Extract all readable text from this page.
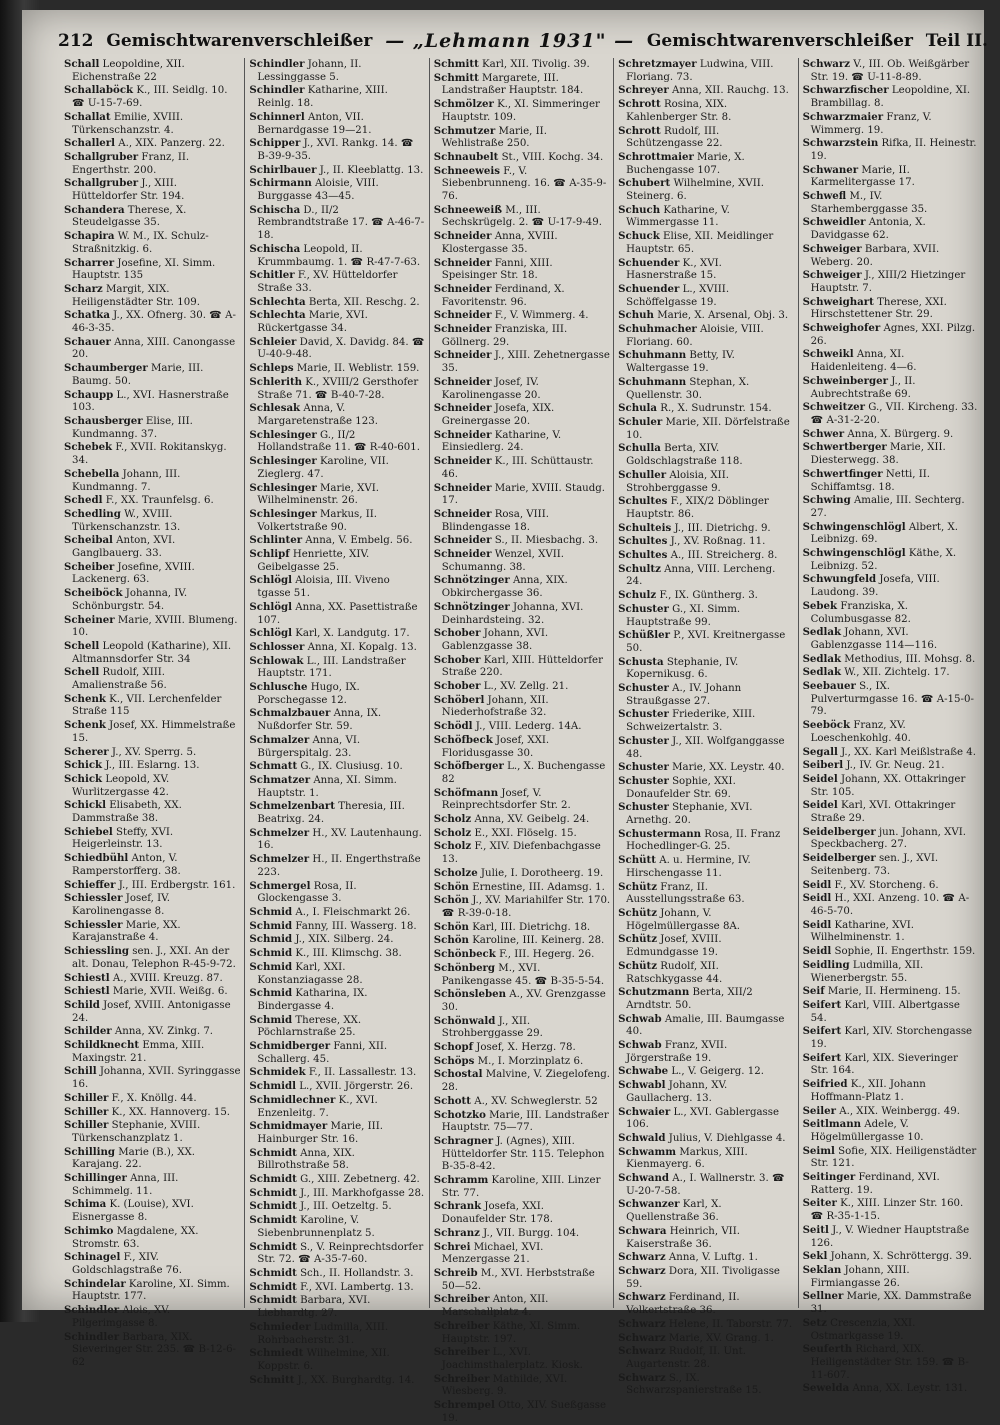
212 Gemischtwarenverschleißer — „Lehmann 1931" — Gemischtwarenverschleißer Teil II.
Schall Leopoldine, XII. Eichenstraße 22
Schallaböck K., III. Seidlg. 10. ☎ U-15-7-69.
Schallat Emilie, XVIII. Türkenschanzstr. 4.
Schallerl A., XIX. Panzerg. 22.
Schallgruber Franz, II. Engerthstr. 200.
Schallgruber J., XIII. Hütteldorfer Str. 194.
Schandera Therese, X. Steudelgasse 35.
Schapira W. M., IX. Schulz-Straßnitzkig. 6.
Scharrer Josefine, XI. Simm. Hauptstr. 135
Scharz Margit, XIX. Heiligenstädter Str. 109.
Schatka J., XX. Ofnerg. 30. ☎ A-46-3-35.
Schauer Anna, XIII. Canongasse 20.
Schaumberger Marie, III. Baumg. 50.
Schaupp L., XVI. Hasnerstraße 103.
Schausberger Elise, III. Kundmanng. 37.
Schebek F., XVII. Rokitanskyg. 34.
Schebella Johann, III. Kundmanng. 7.
Schedl F., XX. Traunfelsg. 6.
Schedling W., XVIII. Türkenschanzstr. 13.
Scheibal Anton, XVI. Ganglbauerg. 33.
Scheiber Josefine, XVIII. Lackenerg. 63.
Scheiböck Johanna, IV. Schönburgstr. 54.
Scheiner Marie, XVIII. Blumeng. 10.
Schell Leopold (Katharine), XII. Altmannsdorfer Str. 34
Schell Rudolf, XIII. Amalienstraße 56.
Schenk K., VII. Lerchenfelder Straße 115
Schenk Josef, XX. Himmelstraße 15.
Scherer J., XV. Sperrg. 5.
Schick J., III. Eslarng. 13.
Schick Leopold, XV. Wurlitzergasse 42.
Schickl Elisabeth, XX. Dammstraße 38.
Schiebel Steffy, XVI. Heigerleinstr. 13.
Schiedbühl Anton, V. Ramperstorfferg. 38.
Schieffer J., III. Erdbergstr. 161.
Schiessler Josef, IV. Karolinengasse 8.
Schiessler Marie, XX. Karajanstraße 4.
Schiessling sen. J., XXI. An der alt. Donau, Telephon R-45-9-72.
Schiestl A., XVIII. Kreuzg. 87.
Schiestl Marie, XVII. Weißg. 6.
Schild Josef, XVIII. Antonigasse 24.
Schilder Anna, XV. Zinkg. 7.
Schildknecht Emma, XIII. Maxingstr. 21.
Schill Johanna, XVII. Syringgasse 16.
Schiller F., X. Knöllg. 44.
Schiller K., XX. Hannoverg. 15.
Schiller Stephanie, XVIII. Türkenschanzplatz 1.
Schilling Marie (B.), XX. Karajang. 22.
Schillinger Anna, III. Schimmelg. 11.
Schima K. (Louise), XVI. Eisnergasse 8.
Schimko Magdalene, XX. Stromstr. 63.
Schinagel F., XIV. Goldschlagstraße 76.
Schindelar Karoline, XI. Simm. Hauptstr. 177.
Schindler Alois, XV. Pilgerimgasse 8.
Schindler Barbara, XIX. Sieveringer Str. 235. ☎ B-12-6-62
Schindler Johann, II. Lessinggasse 5.
Schindler Katharine, XIII. Reinlg. 18.
Schinnerl Anton, VII. Bernardgasse 19—21.
Schipper J., XVI. Rankg. 14. ☎ B-39-9-35.
Schirlbauer J., II. Kleeblattg. 13.
Schirmann Aloisie, VIII. Burggasse 43—45.
Schischa D., II/2 Rembrandtstraße 17. ☎ A-46-7-18.
Schischa Leopold, II. Krummbaumg. 1. ☎ R-47-7-63.
Schitler F., XV. Hütteldorfer Straße 33.
Schlechta Berta, XII. Reschg. 2.
Schlechta Marie, XVI. Rückertgasse 34.
Schleier David, X. Davidg. 84. ☎ U-40-9-48.
Schleps Marie, II. Weblistr. 159.
Schlerith K., XVIII/2 Gersthofer Straße 71. ☎ B-40-7-28.
Schlesak Anna, V. Margaretenstraße 123.
Schlesinger G., II/2 Hollandstraße 11. ☎ R-40-601.
Schlesinger Karoline, VII. Zieglerg. 47.
Schlesinger Marie, XVI. Wilhelminenstr. 26.
Schlesinger Markus, II. Volkertstraße 90.
Schlinter Anna, V. Embelg. 56.
Schlipf Henriette, XIV. Geibelgasse 25.
Schlögl Aloisia, III. Viveno tgasse 51.
Schlögl Anna, XX. Pasettistraße 107.
Schlögl Karl, X. Landgutg. 17.
Schlosser Anna, XI. Kopalg. 13.
Schlowak L., III. Landstraßer Hauptstr. 171.
Schlusche Hugo, IX. Porschegasse 12.
Schmalzbauer Anna, IX. Nußdorfer Str. 59.
Schmalzer Anna, VI. Bürgerspitalg. 23.
Schmatt G., IX. Clusiusg. 10.
Schmatzer Anna, XI. Simm. Hauptstr. 1.
Schmelzenbart Theresia, III. Beatrixg. 24.
Schmelzer H., XV. Lautenhaung. 16.
Schmelzer H., II. Engerthstraße 223.
Schmergel Rosa, II. Glockengasse 3.
Schmid A., I. Fleischmarkt 26.
Schmid Fanny, III. Wasserg. 18.
Schmid J., XIX. Silberg. 24.
Schmid K., III. Klimschg. 38.
Schmid Karl, XXI. Konstanziagasse 28.
Schmid Katharina, IX. Bindergasse 4.
Schmid Therese, XX. Pöchlarnstraße 25.
Schmidberger Fanni, XII. Schallerg. 45.
Schmidek F., II. Lassallestr. 13.
Schmidl L., XVII. Jörgerstr. 26.
Schmidlechner K., XVI. Enzenleitg. 7.
Schmidmayer Marie, III. Hainburger Str. 16.
Schmidt Anna, XIX. Billrothstraße 58.
Schmidt G., XIII. Zebetnerg. 42.
Schmidt J., III. Markhofgasse 28.
Schmidt J., III. Oetzeltg. 5.
Schmidt Karoline, V. Siebenbrunnenplatz 5.
Schmidt S., V. Reinprechtsdorfer Str. 72. ☎ A-35-7-60.
Schmidt Sch., II. Hollandstr. 3.
Schmidt F., XVI. Lambertg. 13.
Schmidt Barbara, XVI. Liebhardtg. 27.
Schmieder Ludmilla, XIII. Rohrbacherstr. 31.
Schmiedt Wilhelmine, XII. Koppstr. 6.
Schmitt J., XX. Burghardtg. 14.
Schmitt Karl, XII. Tivolig. 39.
Schmitt Margarete, III. Landstraßer Hauptstr. 184.
Schmölzer K., XI. Simmeringer Hauptstr. 109.
Schmutzer Marie, II. Wehlistraße 250.
Schnaubelt St., VIII. Kochg. 34.
Schneeweis F., V. Siebenbrunneng. 16. ☎ A-35-9-76.
Schneeweiß M., III. Sechskrügelg. 2. ☎ U-17-9-49.
Schneider Anna, XVIII. Klostergasse 35.
Schneider Fanni, XIII. Speisinger Str. 18.
Schneider Ferdinand, X. Favoritenstr. 96.
Schneider F., V. Wimmerg. 4.
Schneider Franziska, III. Göllnerg. 29.
Schneider J., XIII. Zehetnergasse 35.
Schneider Josef, IV. Karolinengasse 20.
Schneider Josefa, XIX. Greinergasse 20.
Schneider Katharine, V. Einsiedlerg. 24.
Schneider K., III. Schüttaustr. 46.
Schneider Marie, XVIII. Staudg. 17.
Schneider Rosa, VIII. Blindengasse 18.
Schneider S., II. Miesbachg. 3.
Schneider Wenzel, XVII. Schumanng. 38.
Schnötzinger Anna, XIX. Obkirchergasse 36.
Schnötzinger Johanna, XVI. Deinhardsteing. 32.
Schober Johann, XVI. Gablenzgasse 38.
Schober Karl, XIII. Hütteldorfer Straße 220.
Schober L., XV. Zellg. 21.
Schöberl Johann, XII. Niederhofstraße 32.
Schödl J., VIII. Lederg. 14A.
Schöfbeck Josef, XXI. Floridusgasse 30.
Schöfberger L., X. Buchengasse 82
Schöfmann Josef, V. Reinprechtsdorfer Str. 2.
Scholz Anna, XV. Geibelg. 24.
Scholz E., XXI. Flöselg. 15.
Scholz F., XIV. Diefenbachgasse 13.
Scholze Julie, I. Dorotheerg. 19.
Schön Ernestine, III. Adamsg. 1.
Schön J., XV. Mariahilfer Str. 170. ☎ R-39-0-18.
Schön Karl, III. Dietrichg. 18.
Schön Karoline, III. Keinerg. 28.
Schönbeck F., III. Hegerg. 26.
Schönberg M., XVI. Panikengasse 45. ☎ B-35-5-54.
Schönsleben A., XV. Grenzgasse 30.
Schönwald J., XII. Strohberggasse 29.
Schopf Josef, X. Herzg. 78.
Schöps M., I. Morzinplatz 6.
Schostal Malvine, V. Ziegelofeng. 28.
Schott A., XV. Schweglerstr. 52
Schotzko Marie, III. Landstraßer Hauptstr. 75—77.
Schragner J. (Agnes), XIII. Hütteldorfer Str. 115. Telephon B-35-8-42.
Schramm Karoline, XIII. Linzer Str. 77.
Schrank Josefa, XXI. Donaufelder Str. 178.
Schranz J., VII. Burgg. 104.
Schrei Michael, XVI. Menzergasse 21.
Schreib M., XVI. Herbststraße 50—52.
Schreiber Anton, XII. Marschallplatz 4.
Schreiber Käthe, XI. Simm. Hauptstr. 197.
Schreiber L., XVI. Joachimsthalerplatz. Kiosk.
Schreiber Mathilde, XVI. Wiesberg. 9.
Schrempel Otto, XIV. Sueßgasse 19.
Schretzmayer Ludwina, VIII. Floriang. 73.
Schreyer Anna, XII. Rauchg. 13.
Schrott Rosina, XIX. Kahlenberger Str. 8.
Schrott Rudolf, III. Schützengasse 22.
Schrottmaier Marie, X. Buchengasse 107.
Schubert Wilhelmine, XVII. Steinerg. 6.
Schuch Katharine, V. Wimmergasse 11.
Schuck Elise, XII. Meidlinger Hauptstr. 65.
Schuender K., XVI. Hasnerstraße 15.
Schuender L., XVIII. Schöffelgasse 19.
Schuh Marie, X. Arsenal, Obj. 3.
Schuhmacher Aloisie, VIII. Floriang. 60.
Schuhmann Betty, IV. Waltergasse 19.
Schuhmann Stephan, X. Quellenstr. 30.
Schula R., X. Sudrunstr. 154.
Schuler Marie, XII. Dörfelstraße 10.
Schulla Berta, XIV. Goldschlagstraße 118.
Schuller Aloisia, XII. Strohberggasse 9.
Schultes F., XIX/2 Döblinger Hauptstr. 86.
Schulteis J., III. Dietrichg. 9.
Schultes J., XV. Roßnag. 11.
Schultes A., III. Streicherg. 8.
Schultz Anna, VIII. Lercheng. 24.
Schulz F., IX. Güntherg. 3.
Schuster G., XI. Simm. Hauptstraße 99.
Schüßler P., XVI. Kreitnergasse 50.
Schusta Stephanie, IV. Kopernikusg. 6.
Schuster A., IV. Johann Straußgasse 27.
Schuster Friederike, XIII. Schweizertalstr. 3.
Schuster J., XII. Wolfganggasse 48.
Schuster Marie, XX. Leystr. 40.
Schuster Sophie, XXI. Donaufelder Str. 69.
Schuster Stephanie, XVI. Arnethg. 20.
Schustermann Rosa, II. Franz Hochedlinger-G. 25.
Schütt A. u. Hermine, IV. Hirschengasse 11.
Schütz Franz, II. Ausstellungsstraße 63.
Schütz Johann, V. Högelmüllergasse 8A.
Schütz Josef, XVIII. Edmundgasse 19.
Schütz Rudolf, XII. Ratschkygasse 44.
Schutzmann Berta, XII/2 Arndtstr. 50.
Schwab Amalie, III. Baumgasse 40.
Schwab Franz, XVII. Jörgerstraße 19.
Schwabe L., V. Geigerg. 12.
Schwabl Johann, XV. Gaullacherg. 13.
Schwaier L., XVI. Gablergasse 106.
Schwald Julius, V. Diehlgasse 4.
Schwamm Markus, XIII. Kienmayerg. 6.
Schwand A., I. Wallnerstr. 3. ☎ U-20-7-58.
Schwanzer Karl, X. Quellenstraße 36.
Schwara Heinrich, VII. Kaiserstraße 36.
Schwarz Anna, V. Luftg. 1.
Schwarz Dora, XII. Tivoligasse 59.
Schwarz Ferdinand, II. Volkertstraße 36.
Schwarz Helene, II. Taborstr. 77.
Schwarz Marie, XV. Grang. 1.
Schwarz Rudolf, II. Unt. Augartenstr. 28.
Schwarz S., IX. Schwarzspanierstraße 15.
Schwarz V., III. Ob. Weißgärber Str. 19. ☎ U-11-8-89.
Schwarzfischer Leopoldine, XI. Brambillag. 8.
Schwarzmaier Franz, V. Wimmerg. 19.
Schwarzstein Rifka, II. Heinestr. 19.
Schwaner Marie, II. Karmelitergasse 17.
Schwefl M., IV. Starhemberggasse 35.
Schweidler Antonia, X. Davidgasse 62.
Schweiger Barbara, XVII. Weberg. 20.
Schweiger J., XIII/2 Hietzinger Hauptstr. 7.
Schweighart Therese, XXI. Hirschstettener Str. 29.
Schweighofer Agnes, XXI. Pilzg. 26.
Schweikl Anna, XI. Haidenleiteng. 4—6.
Schweinberger J., II. Aubrechtstraße 69.
Schweitzer G., VII. Kircheng. 33. ☎ A-31-2-20.
Schwer Anna, X. Bürgerg. 9.
Schwertberger Marie, XII. Diesterwegg. 38.
Schwertfinger Netti, II. Schiffamtsg. 18.
Schwing Amalie, III. Sechterg. 27.
Schwingenschlögl Albert, X. Leibnizg. 69.
Schwingenschlögl Käthe, X. Leibnizg. 52.
Schwungfeld Josefa, VIII. Laudong. 39.
Sebek Franziska, X. Columbusgasse 82.
Sedlak Johann, XVI. Gablenzgasse 114—116.
Sedlak Methodius, III. Mohsg. 8.
Sedlak W., XII. Zichtelg. 17.
Seebauer S., IX. Pulverturmgasse 16. ☎ A-15-0-79.
Seeböck Franz, XV. Loeschenkohlg. 40.
Segall J., XX. Karl Meißlstraße 4.
Seiberl J., IV. Gr. Neug. 21.
Seidel Johann, XX. Ottakringer Str. 105.
Seidel Karl, XVI. Ottakringer Straße 29.
Seidelberger jun. Johann, XVI. Speckbacherg. 27.
Seidelberger sen. J., XVI. Seitenberg. 73.
Seidl F., XV. Storcheng. 6.
Seidl H., XXI. Anzeng. 10. ☎ A-46-5-70.
Seidl Katharine, XVI. Wilhelminenstr. 1.
Seidl Sophie, II. Engerthstr. 159.
Seidling Ludmilla, XII. Wienerbergstr. 55.
Seif Marie, II. Hermineng. 15.
Seifert Karl, VIII. Albertgasse 54.
Seifert Karl, XIV. Storchengasse 19.
Seifert Karl, XIX. Sieveringer Str. 164.
Seifried K., XII. Johann Hoffmann-Platz 1.
Seiler A., XIX. Weinbergg. 49.
Seitlmann Adele, V. Högelmüllergasse 10.
Seiml Sofie, XIX. Heiligenstädter Str. 121.
Seitinger Ferdinand, XVI. Ratterg. 19.
Seiter K., XIII. Linzer Str. 160. ☎ R-35-1-15.
Seitl J., V. Wiedner Hauptstraße 126.
Sekl Johann, X. Schröttergg. 39.
Seklan Johann, XIII. Firmiangasse 26.
Sellner Marie, XX. Dammstraße 31.
Setz Crescenzia, XXI. Ostmarkgasse 19.
Seuferth Richard, XIX. Heiligenstädter Str. 159. ☎ B-11-607.
Sewelda Anna, XX. Leystr. 131.
